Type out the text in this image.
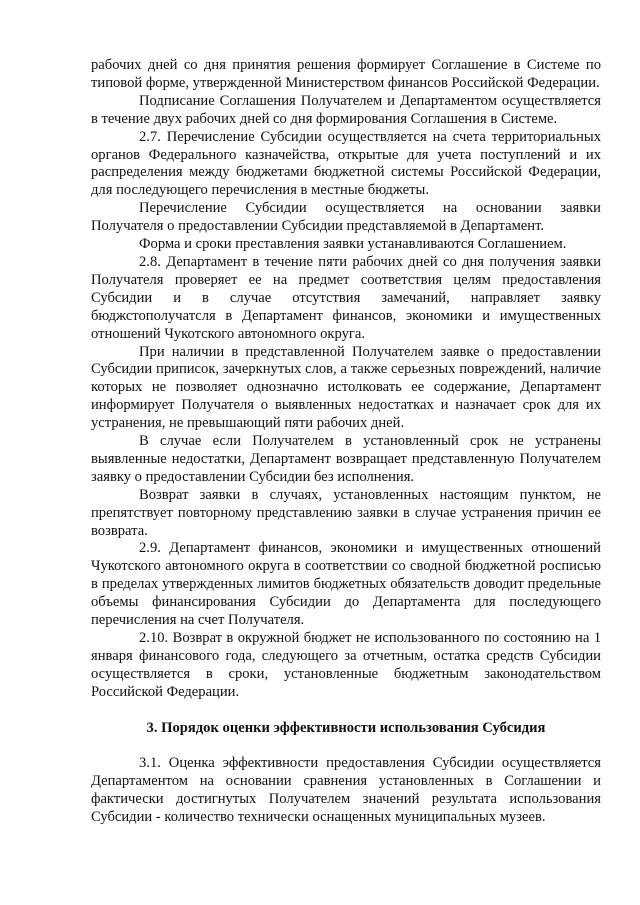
рабочих дней со дня принятия решения формирует Соглашение в Системе по типовой форме, утвержденной Министерством финансов Российской Федерации.

Подписание Соглашения Получателем и Департаментом осуществляется в течение двух рабочих дней со дня формирования Соглашения в Системе.

2.7. Перечисление Субсидии осуществляется на счета территориальных органов Федерального казначейства, открытые для учета поступлений и их распределения между бюджетами бюджетной системы Российской Федерации, для последующего перечисления в местные бюджеты.

Перечисление Субсидии осуществляется на основании заявки Получателя о предоставлении Субсидии представляемой в Департамент.

Форма и сроки преставления заявки устанавливаются Соглашением.

2.8. Департамент в течение пяти рабочих дней со дня получения заявки Получателя проверяет ее на предмет соответствия целям предоставления Субсидии и в случае отсутствия замечаний, направляет заявку бюджстополучатсля в Департамент финансов, экономики и имущественных отношений Чукотского автономного округа.

При наличии в представленной Получателем заявке о предоставлении Субсидии приписок, зачеркнутых слов, а также серьезных повреждений, наличие которых не позволяет однозначно истолковать ее содержание, Департамент информирует Получателя о выявленных недостатках и назначает срок для их устранения, не превышающий пяти рабочих дней.

В случае если Получателем в установленный срок не устранены выявленные недостатки, Департамент возвращает представленную Получателем заявку о предоставлении Субсидии без исполнения.

Возврат заявки в случаях, установленных настоящим пунктом, не препятствует повторному представлению заявки в случае устранения причин ее возврата.

2.9. Департамент финансов, экономики и имущественных отношений Чукотского автономного округа в соответствии со сводной бюджетной росписью в пределах утвержденных лимитов бюджетных обязательств доводит предельные объемы финансирования Субсидии до Департамента для последующего перечисления на счет Получателя.

2.10. Возврат в окружной бюджет не использованного по состоянию на 1 января финансового года, следующего за отчетным, остатка средств Субсидии осуществляется в сроки, установленные бюджетным законодательством Российской Федерации.

3. Порядок оценки эффективности использования Субсидия

3.1. Оценка эффективности предоставления Субсидии осуществляется Департаментом на основании сравнения установленных в Соглашении и фактически достигнутых Получателем значений результата использования Субсидии - количество технически оснащенных муниципальных музеев.
